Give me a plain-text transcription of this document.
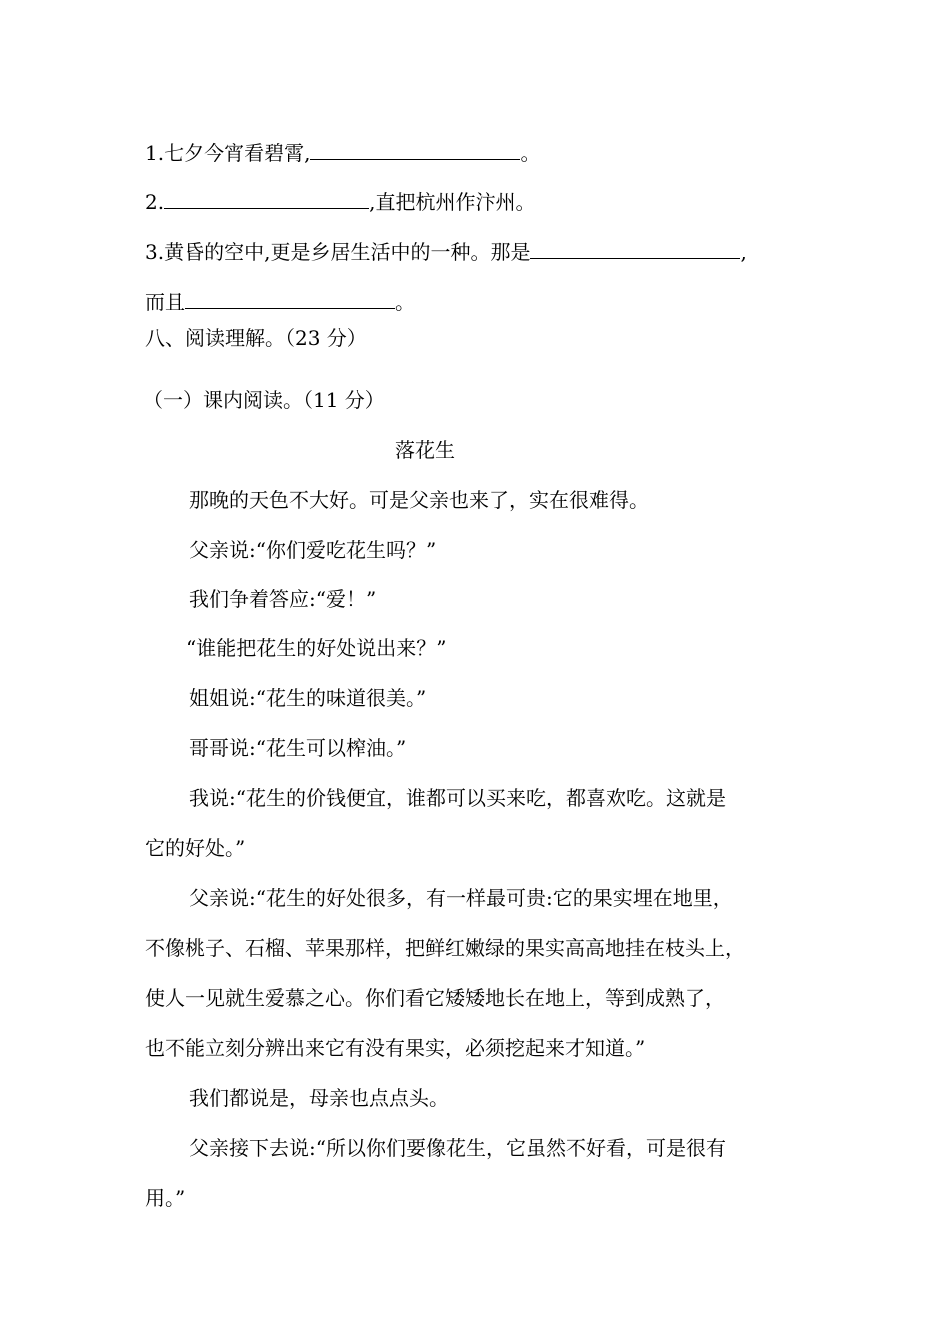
1.七夕今宵看碧霄,	。
2.	,直把杭州作汴州。
3.黄昏的空中,更是乡居生活中的一种。那是	,
而且	。
八、阅读理解。（23 分）
（一）课内阅读。（11 分）
落花生
那晚的天色不大好。可是父亲也来了，实在很难得。
父亲说:“你们爱吃花生吗？”
我们争着答应:“爱！”
“谁能把花生的好处说出来？”
姐姐说:“花生的味道很美。”
哥哥说:“花生可以榨油。”
我说:“花生的价钱便宜，谁都可以买来吃，都喜欢吃。这就是
它的好处。”
父亲说:“花生的好处很多，有一样最可贵:它的果实埋在地里，
不像桃子、石榴、苹果那样，把鲜红嫩绿的果实高高地挂在枝头上，
使人一见就生爱慕之心。你们看它矮矮地长在地上，等到成熟了，
也不能立刻分辨出来它有没有果实，必须挖起来才知道。”
我们都说是，母亲也点点头。
父亲接下去说:“所以你们要像花生，它虽然不好看，可是很有
用。”
